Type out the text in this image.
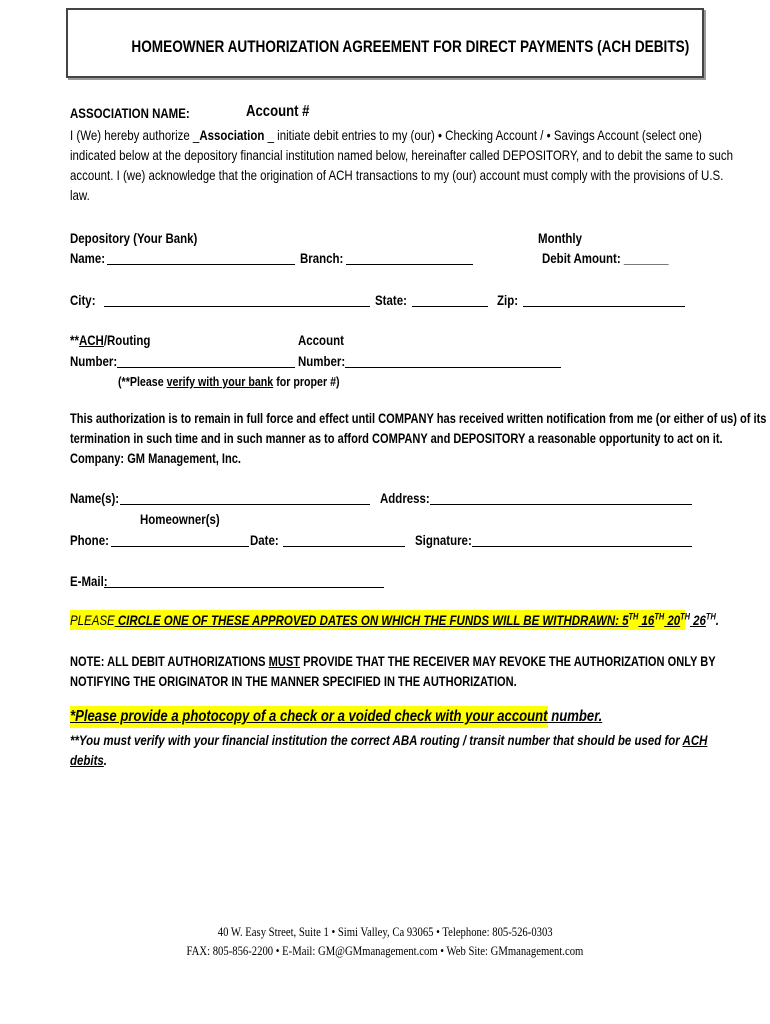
HOMEOWNER AUTHORIZATION AGREEMENT FOR DIRECT PAYMENTS (ACH DEBITS)
ASSOCIATION NAME:	Account #
I (We) hereby authorize _Association _ initiate debit entries to my (our) • Checking Account / • Savings Account (select one)
indicated below at the depository financial institution named below, hereinafter called DEPOSITORY, and to debit the same to such
account. I (we) acknowledge that the origination of ACH transactions to my (our) account must comply with the provisions of U.S.
law.
Depository (Your Bank)	Monthly
Name:	Branch:	Debit Amount: _______
City:	State:	Zip:
**ACH/Routing	Account
Number:	Number:
(**Please verify with your bank for proper #)
This authorization is to remain in full force and effect until COMPANY has received written notification from me (or either of us) of its
termination in such time and in such manner as to afford COMPANY and DEPOSITORY a reasonable opportunity to act on it.
Company: GM Management, Inc.
Name(s):	Address:
Homeowner(s)
Phone:	Date:	Signature:
E-Mail:
PLEASE CIRCLE ONE OF THESE APPROVED DATES ON WHICH THE FUNDS WILL BE WITHDRAWN: 5TH 16TH 20TH 26TH.
NOTE: ALL DEBIT AUTHORIZATIONS MUST PROVIDE THAT THE RECEIVER MAY REVOKE THE AUTHORIZATION ONLY BY
NOTIFYING THE ORIGINATOR IN THE MANNER SPECIFIED IN THE AUTHORIZATION.
*Please provide a photocopy of a check or a voided check with your account number.
**You must verify with your financial institution the correct ABA routing / transit number that should be used for ACH
debits.
40 W. Easy Street, Suite 1 • Simi Valley, Ca 93065 • Telephone: 805-526-0303
FAX: 805-856-2200 • E-Mail: GM@GMmanagement.com • Web Site: GMmanagement.com
